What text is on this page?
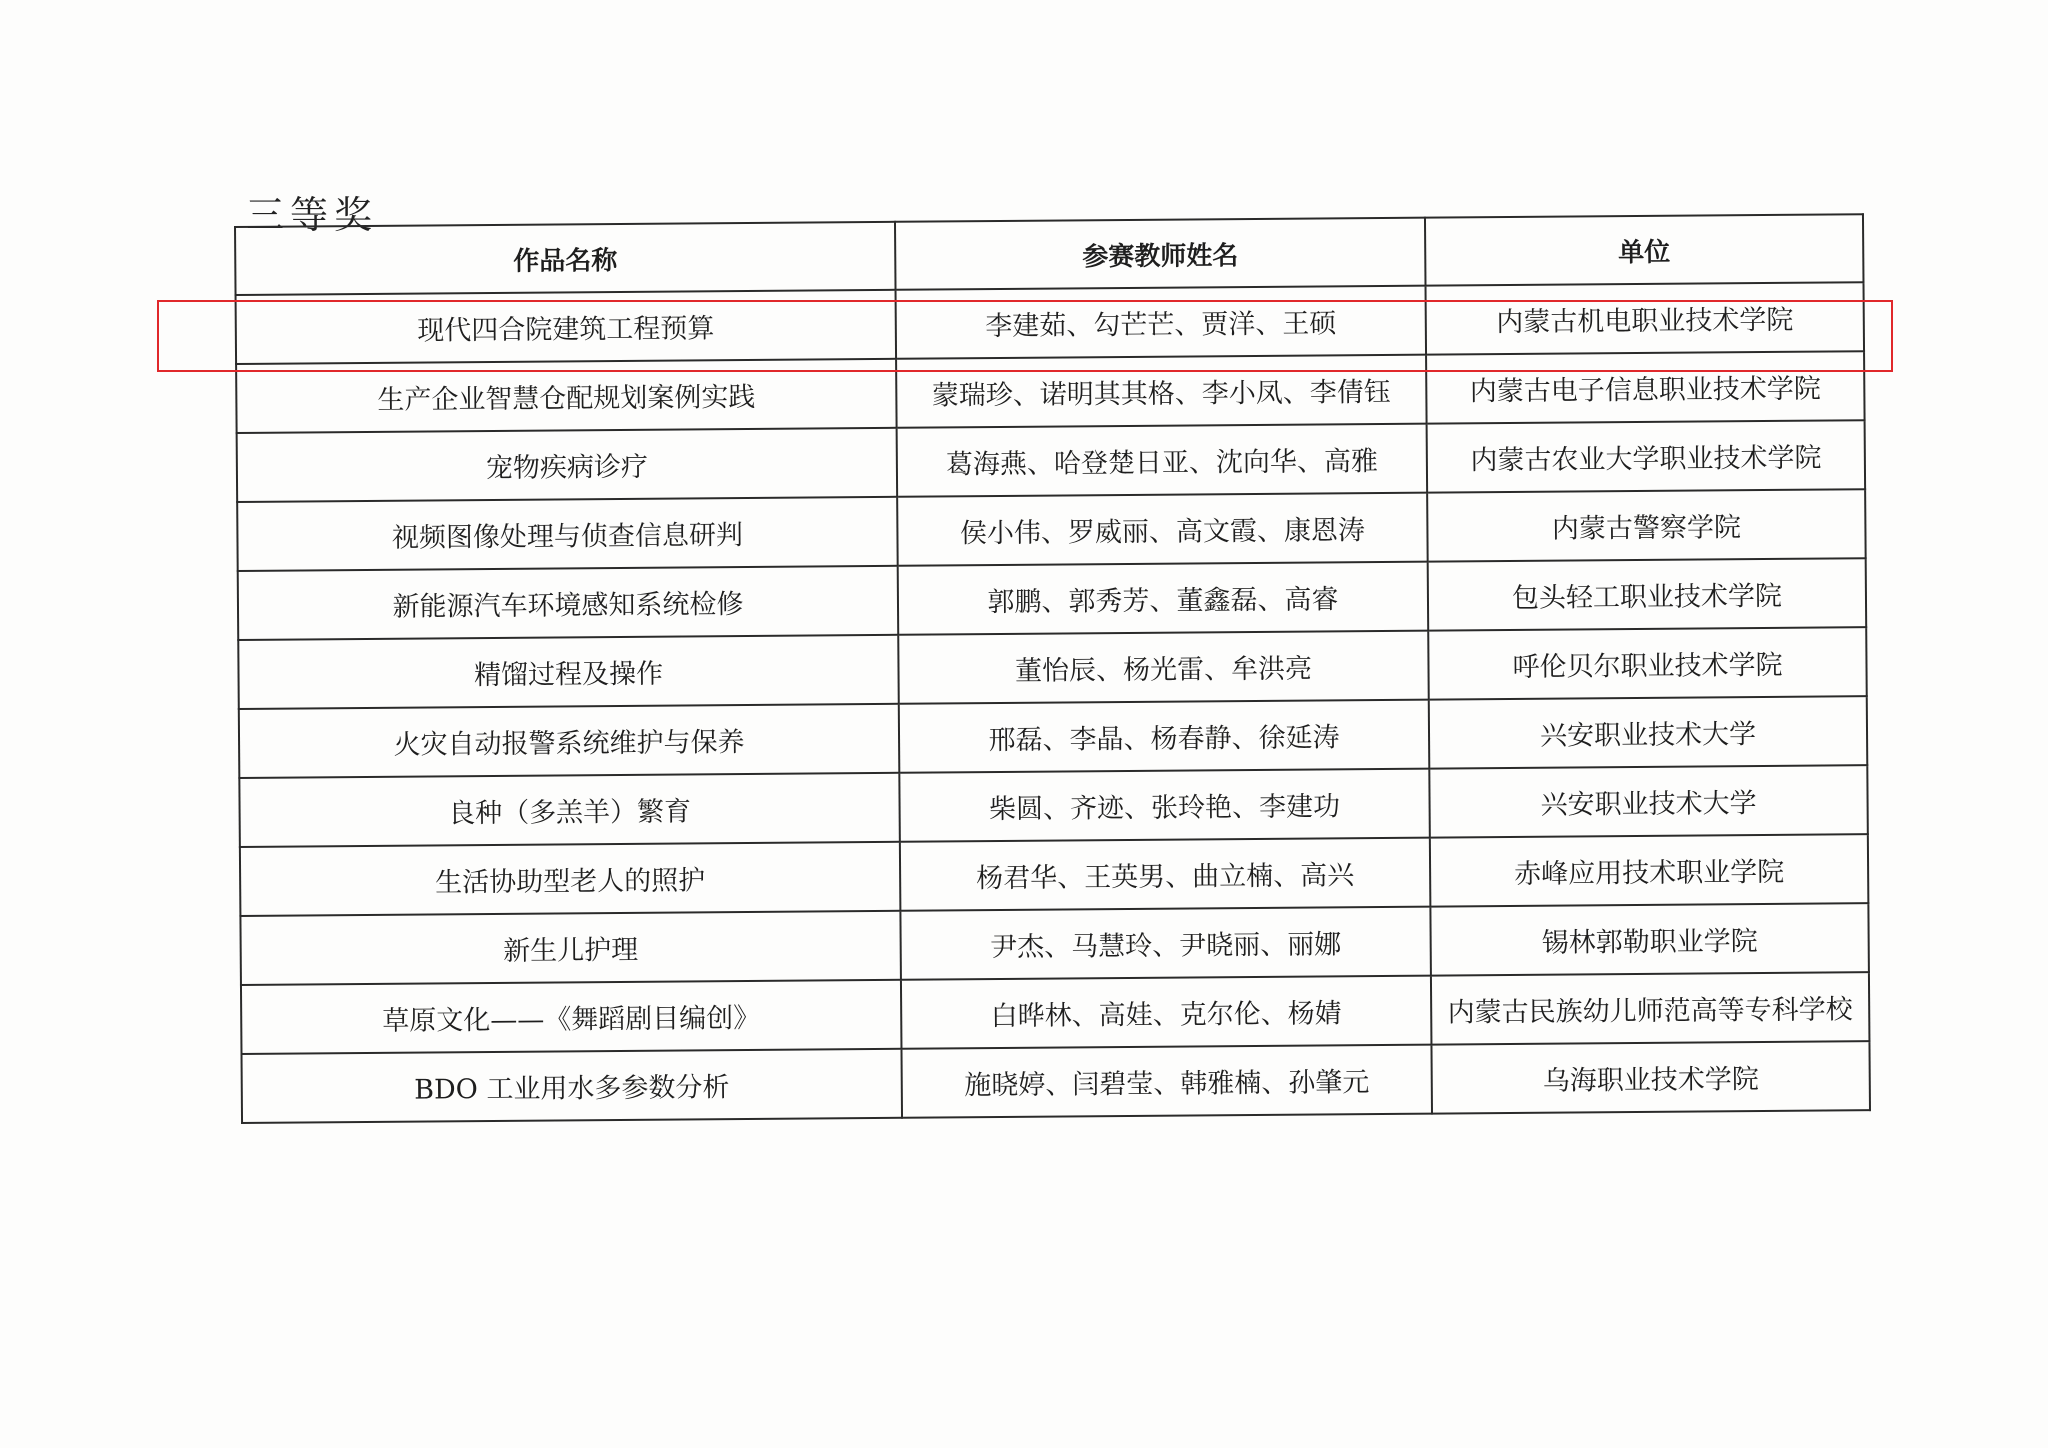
三等奖
作品名称	参赛教师姓名	单位
现代四合院建筑工程预算	李建茹、勾芒芒、贾洋、王硕	内蒙古机电职业技术学院
生产企业智慧仓配规划案例实践	蒙瑞珍、诺明其其格、李小凤、李倩钰	内蒙古电子信息职业技术学院
宠物疾病诊疗	葛海燕、哈登楚日亚、沈向华、高雅	内蒙古农业大学职业技术学院
视频图像处理与侦查信息研判	侯小伟、罗威丽、高文霞、康恩涛	内蒙古警察学院
新能源汽车环境感知系统检修	郭鹏、郭秀芳、董鑫磊、高睿	包头轻工职业技术学院
精馏过程及操作	董怡辰、杨光雷、牟洪亮	呼伦贝尔职业技术学院
火灾自动报警系统维护与保养	邢磊、李晶、杨春静、徐延涛	兴安职业技术大学
良种（多羔羊）繁育	柴圆、齐迹、张玲艳、李建功	兴安职业技术大学
生活协助型老人的照护	杨君华、王英男、曲立楠、高兴	赤峰应用技术职业学院
新生儿护理	尹杰、马慧玲、尹晓丽、丽娜	锡林郭勒职业学院
草原文化——《舞蹈剧目编创》	白晔林、高娃、克尔伦、杨婧	内蒙古民族幼儿师范高等专科学校
BDO 工业用水多参数分析	施晓婷、闫碧莹、韩雅楠、孙肇元	乌海职业技术学院
